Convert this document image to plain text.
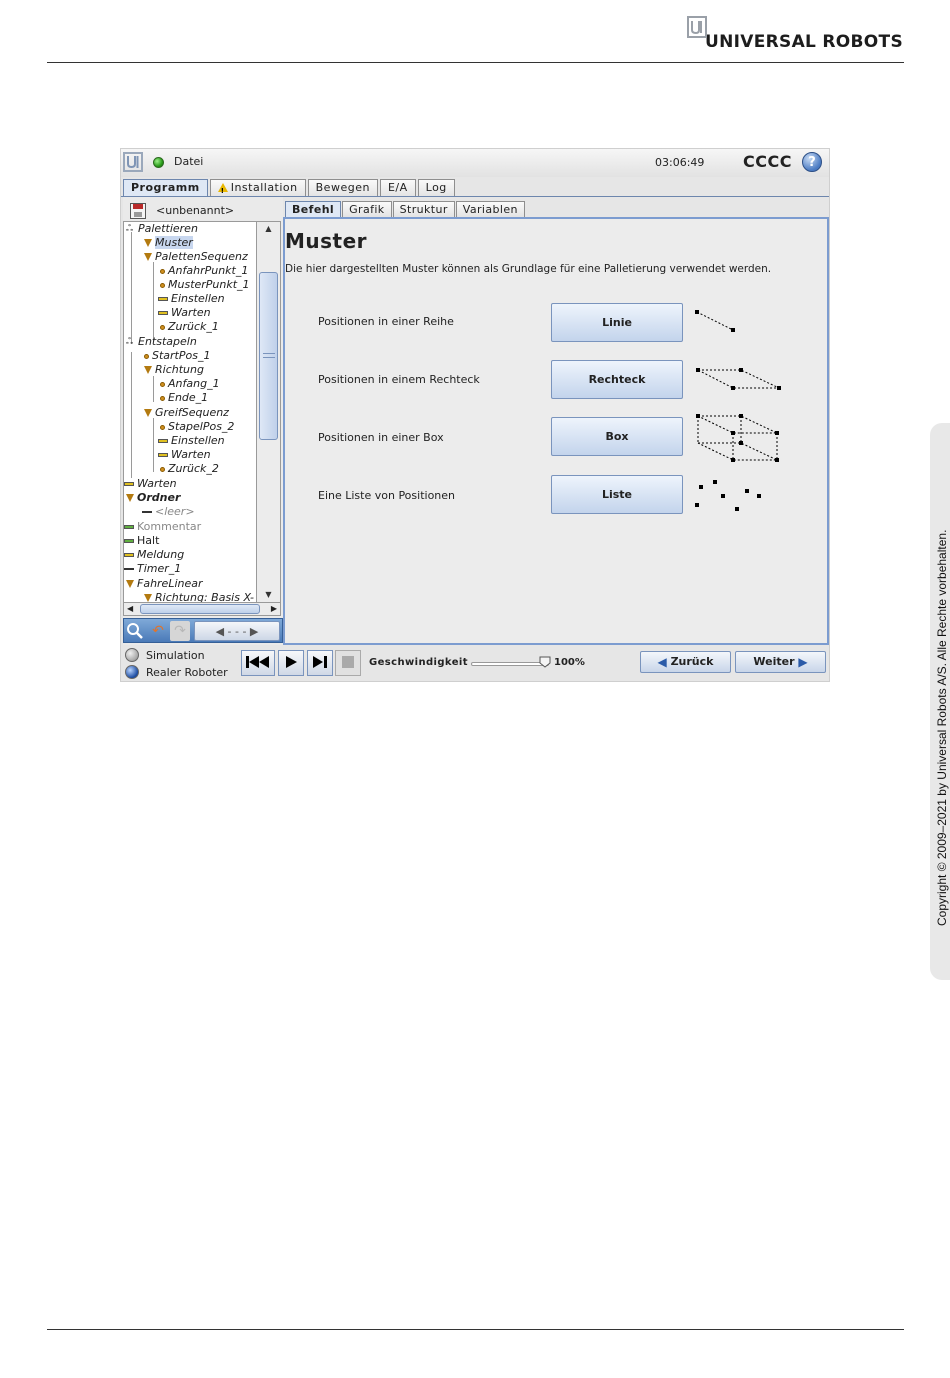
UNIVERSAL ROBOTS
Copyright © 2009–2021 by Universal Robots A/S. Alle Rechte vorbehalten.
Datei	03:06:49 CCCC	?
Programm
!	Installation	Bewegen	E/A	Log
<unbenannt>
ஃ Palettieren
Muster
PalettenSequenz
AnfahrPunkt_1
MusterPunkt_1
Einstellen
Warten
Zurück_1
ஃ Entstapeln
StartPos_1
Richtung
Anfang_1
Ende_1
GreifSequenz
StapelPos_2
Einstellen
Warten
Zurück_2
Warten
Ordner
<leer>
Kommentar
Halt
Meldung
Timer_1
FahreLinear
Richtung: Basis X-
▲
▼
◀	▶
↶ ↷	◀ - - - ▶
Befehl	Grafik	Struktur	Variablen
Muster
Die hier dargestellten Muster können als Grundlage für eine Palletierung verwendet werden.
Positionen in einer Reihe	Linie
Positionen in einem Rechteck	Rechteck
Positionen in einer Box	Box
Eine Liste von Positionen	Liste
Simulation
Realer Roboter
Geschwindigkeit	100%	◀ Zurück	Weiter ▶
